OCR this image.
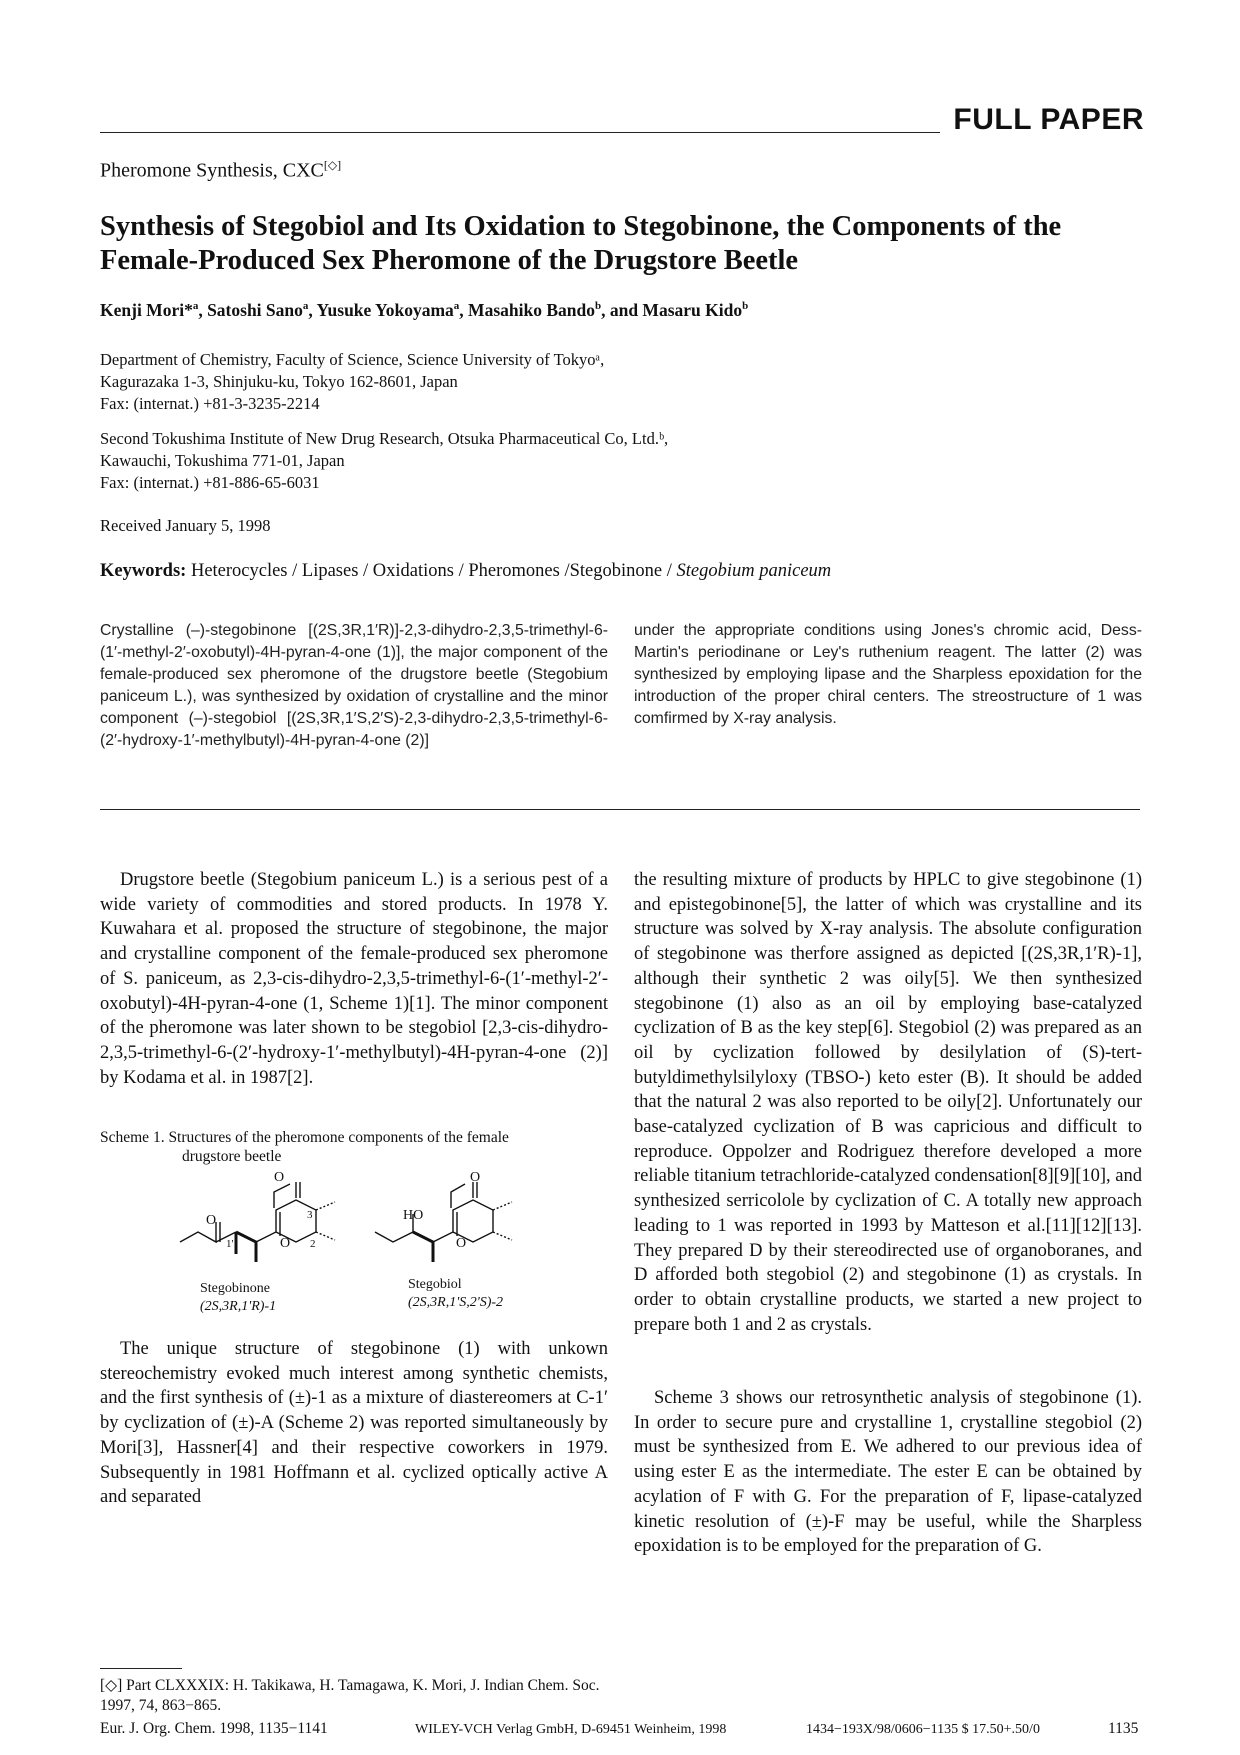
FULL PAPER
Pheromone Synthesis, CXC[◇]
Synthesis of Stegobiol and Its Oxidation to Stegobinone, the Components of the Female-Produced Sex Pheromone of the Drugstore Beetle
Kenji Mori*$^a$, Satoshi Sano$^a$, Yusuke Yokoyama$^a$, Masahiko Bando$^b$, and Masaru Kido$^b$
Department of Chemistry, Faculty of Science, Science University of Tokyoᵃ,
Kagurazaka 1-3, Shinjuku-ku, Tokyo 162-8601, Japan
Fax: (internat.) +81-3-3235-2214
Second Tokushima Institute of New Drug Research, Otsuka Pharmaceutical Co, Ltd.ᵇ,
Kawauchi, Tokushima 771-01, Japan
Fax: (internat.) +81-886-65-6031
Received January 5, 1998
Keywords: Heterocycles / Lipases / Oxidations / Pheromones /Stegobinone / Stegobium paniceum
Crystalline (–)-stegobinone [(2S,3R,1′R)]-2,3-dihydro-2,3,5-trimethyl-6-(1′-methyl-2′-oxobutyl)-4H-pyran-4-one (1)], the major component of the female-produced sex pheromone of the drugstore beetle (Stegobium paniceum L.), was synthesized by oxidation of crystalline and the minor component (–)-stegobiol [(2S,3R,1′S,2′S)-2,3-dihydro-2,3,5-trimethyl-6-(2′-hydroxy-1′-methylbutyl)-4H-pyran-4-one (2)]
under the appropriate conditions using Jones's chromic acid, Dess-Martin's periodinane or Ley's ruthenium reagent. The latter (2) was synthesized by employing lipase and the Sharpless epoxidation for the introduction of the proper chiral centers. The streostructure of 1 was comfirmed by X-ray analysis.
Drugstore beetle (Stegobium paniceum L.) is a serious pest of a wide variety of commodities and stored products. In 1978 Y. Kuwahara et al. proposed the structure of stegobinone, the major and crystalline component of the female-produced sex pheromone of S. paniceum, as 2,3-cis-dihydro-2,3,5-trimethyl-6-(1′-methyl-2′-oxobutyl)-4H-pyran-4-one (1, Scheme 1)[1]. The minor component of the pheromone was later shown to be stegobiol [2,3-cis-dihydro-2,3,5-trimethyl-6-(2′-hydroxy-1′-methylbutyl)-4H-pyran-4-one (2)] by Kodama et al. in 1987[2].
Scheme 1. Structures of the pheromone components of the female
drugstore beetle
O
O
O
3
2
1'
HO
O
O
Stegobinone
(2S,3R,1'R)-1
Stegobiol
(2S,3R,1'S,2'S)-2
The unique structure of stegobinone (1) with unkown stereochemistry evoked much interest among synthetic chemists, and the first synthesis of (±)-1 as a mixture of diastereomers at C-1′ by cyclization of (±)-A (Scheme 2) was reported simultaneously by Mori[3], Hassner[4] and their respective coworkers in 1979. Subsequently in 1981 Hoffmann et al. cyclized optically active A and separated
[◇] Part CLXXXIX: H. Takikawa, H. Tamagawa, K. Mori, J. Indian Chem. Soc. 1997, 74, 863−865.
the resulting mixture of products by HPLC to give stegobinone (1) and epistegobinone[5], the latter of which was crystalline and its structure was solved by X-ray analysis. The absolute configuration of stegobinone was therfore assigned as depicted [(2S,3R,1′R)-1], although their synthetic 2 was oily[5]. We then synthesized stegobinone (1) also as an oil by employing base-catalyzed cyclization of B as the key step[6]. Stegobiol (2) was prepared as an oil by cyclization followed by desilylation of (S)-tert-butyldimethylsilyloxy (TBSO-) keto ester (B). It should be added that the natural 2 was also reported to be oily[2]. Unfortunately our base-catalyzed cyclization of B was capricious and difficult to reproduce. Oppolzer and Rodriguez therefore developed a more reliable titanium tetrachloride-catalyzed condensation[8][9][10], and synthesized serricolole by cyclization of C. A totally new approach leading to 1 was reported in 1993 by Matteson et al.[11][12][13]. They prepared D by their stereodirected use of organoboranes, and D afforded both stegobiol (2) and stegobinone (1) as crystals. In order to obtain crystalline products, we started a new project to prepare both 1 and 2 as crystals.
Scheme 3 shows our retrosynthetic analysis of stegobinone (1). In order to secure pure and crystalline 1, crystalline stegobiol (2) must be synthesized from E. We adhered to our previous idea of using ester E as the intermediate. The ester E can be obtained by acylation of F with G. For the preparation of F, lipase-catalyzed kinetic resolution of (±)-F may be useful, while the Sharpless epoxidation is to be employed for the preparation of G.
Eur. J. Org. Chem. 1998, 1135−1141	WILEY-VCH Verlag GmbH, D-69451 Weinheim, 1998	1434−193X/98/0606−1135 $ 17.50+.50/0	1135
